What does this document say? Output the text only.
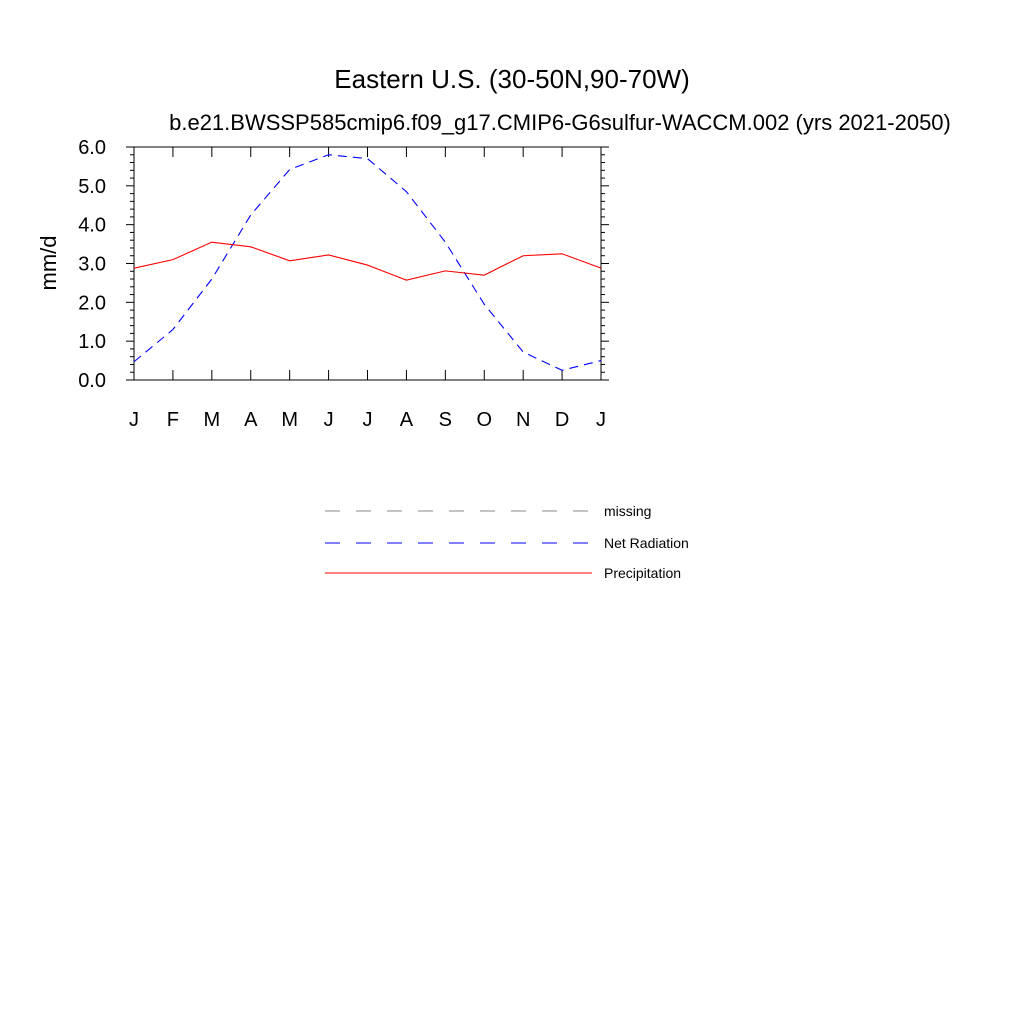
Eastern U.S. (30-50N,90-70W)
b.e21.BWSSP585cmip6.f09_g17.CMIP6-G6sulfur-WACCM.002 (yrs 2021-2050)
mm/d
0.0
1.0
2.0
3.0
4.0
5.0
6.0
J F M A M J J A S O N D J
missing
Net Radiation
Precipitation
